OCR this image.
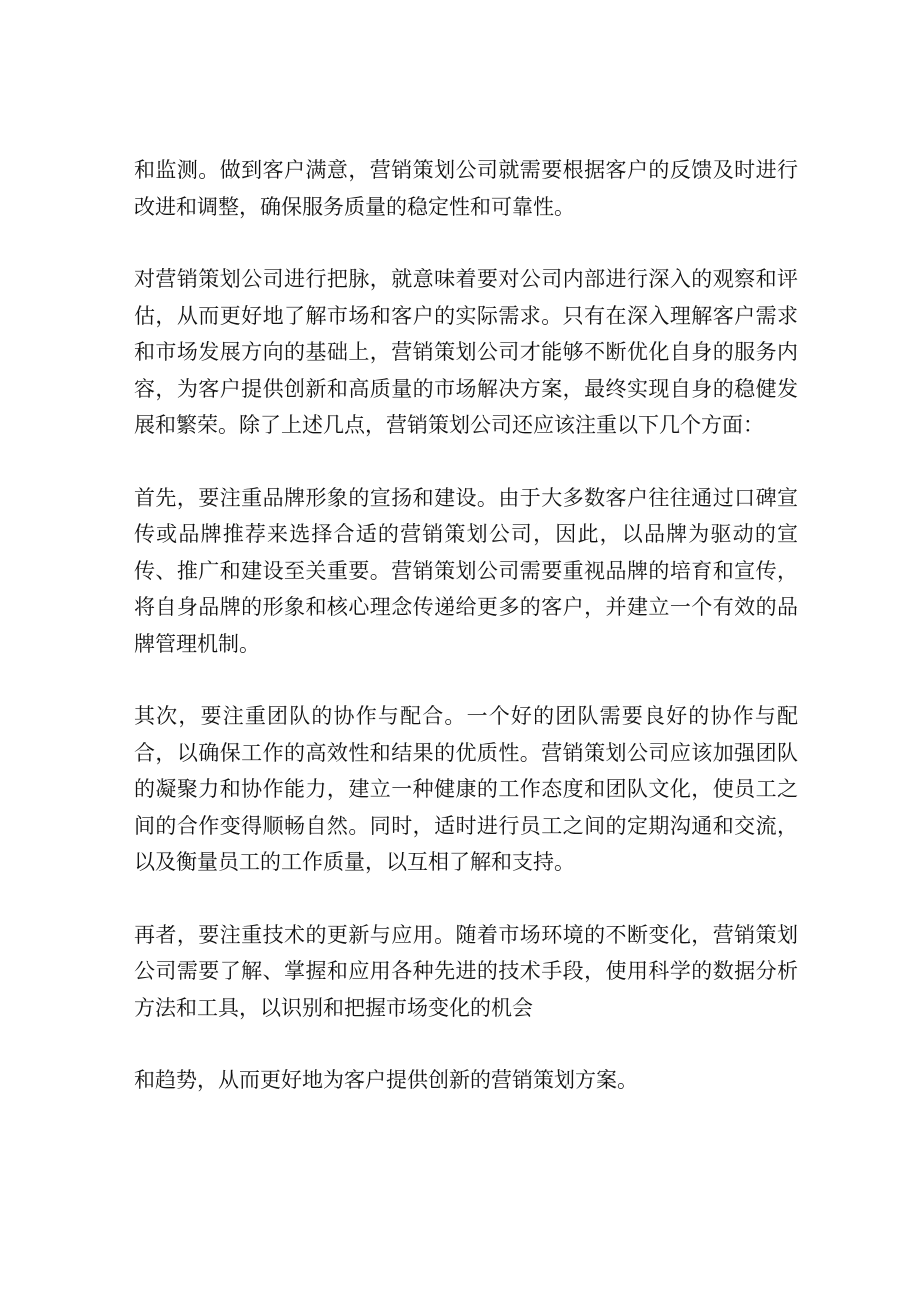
和监测。做到客户满意，营销策划公司就需要根据客户的反馈及时进行改进和调整，确保服务质量的稳定性和可靠性。

对营销策划公司进行把脉，就意味着要对公司内部进行深入的观察和评估，从而更好地了解市场和客户的实际需求。只有在深入理解客户需求和市场发展方向的基础上，营销策划公司才能够不断优化自身的服务内容，为客户提供创新和高质量的市场解决方案，最终实现自身的稳健发展和繁荣。除了上述几点，营销策划公司还应该注重以下几个方面：

首先，要注重品牌形象的宣扬和建设。由于大多数客户往往通过口碑宣传或品牌推荐来选择合适的营销策划公司，因此，以品牌为驱动的宣传、推广和建设至关重要。营销策划公司需要重视品牌的培育和宣传，将自身品牌的形象和核心理念传递给更多的客户，并建立一个有效的品牌管理机制。

其次，要注重团队的协作与配合。一个好的团队需要良好的协作与配合，以确保工作的高效性和结果的优质性。营销策划公司应该加强团队的凝聚力和协作能力，建立一种健康的工作态度和团队文化，使员工之间的合作变得顺畅自然。同时，适时进行员工之间的定期沟通和交流，以及衡量员工的工作质量，以互相了解和支持。

再者，要注重技术的更新与应用。随着市场环境的不断变化，营销策划公司需要了解、掌握和应用各种先进的技术手段，使用科学的数据分析方法和工具，以识别和把握市场变化的机会

和趋势，从而更好地为客户提供创新的营销策划方案。
